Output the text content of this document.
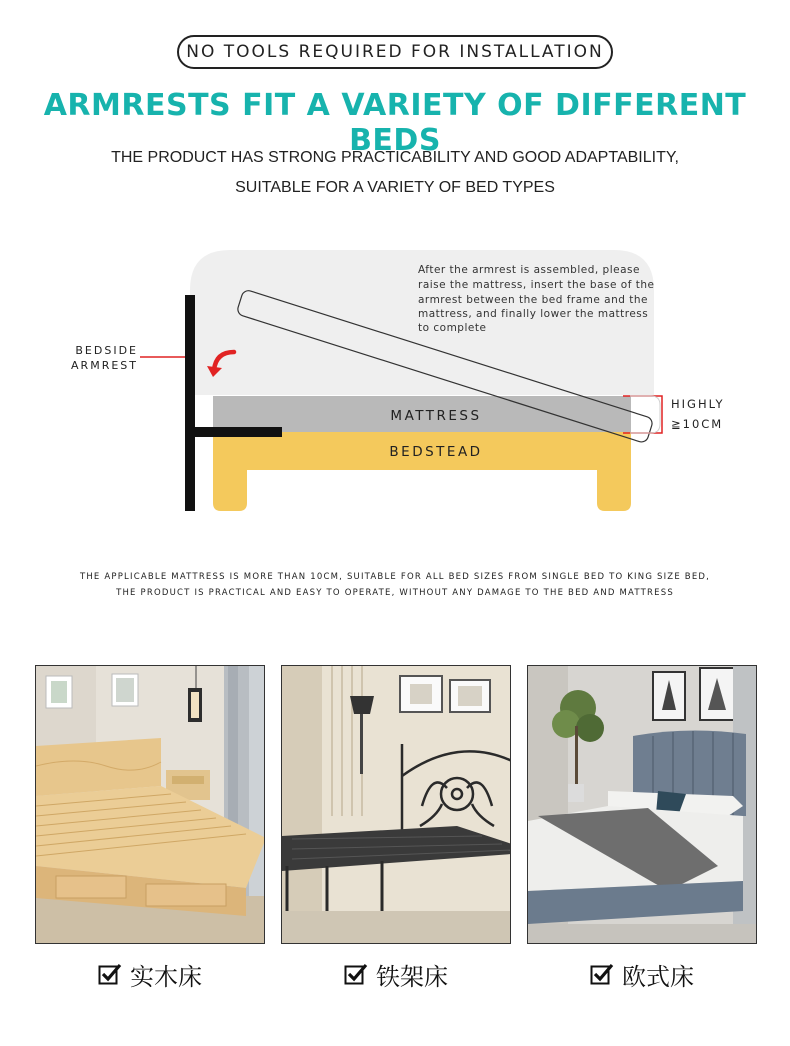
NO TOOLS REQUIRED FOR INSTALLATION
ARMRESTS FIT A VARIETY OF DIFFERENT BEDS
THE PRODUCT HAS STRONG PRACTICABILITY AND GOOD ADAPTABILITY,
SUITABLE FOR A VARIETY OF BED TYPES
After the armrest is assembled, please
raise the mattress, insert the base of the
armrest between the bed frame and the
mattress, and finally lower the mattress
to complete
BEDSTEAD
MATTRESS
BEDSIDE
ARMREST
HIGHLY
≧10CM
THE APPLICABLE MATTRESS IS MORE THAN 10CM, SUITABLE FOR ALL BED SIZES FROM SINGLE BED TO KING SIZE BED,
THE PRODUCT IS PRACTICAL AND EASY TO OPERATE, WITHOUT ANY DAMAGE TO THE BED AND MATTRESS
实木床	铁架床	欧式床
